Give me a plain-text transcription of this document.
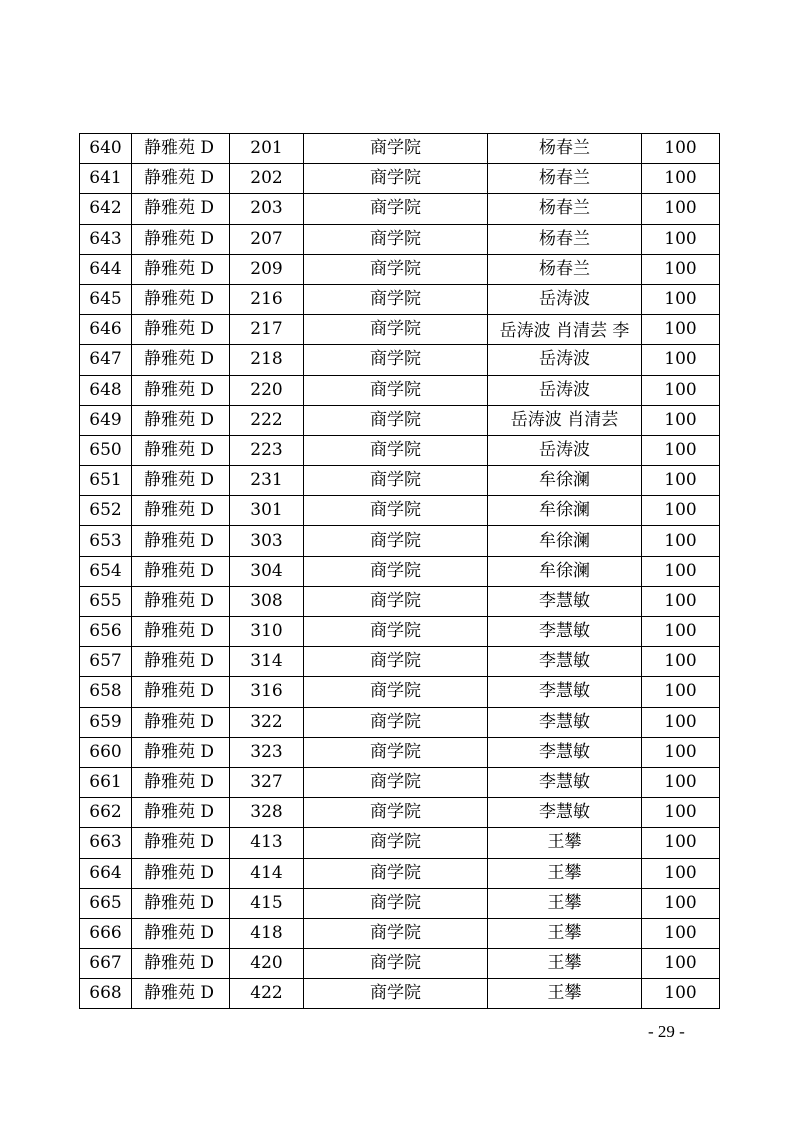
640	静雅苑 D	201	商学院	杨春兰	100
641	静雅苑 D	202	商学院	杨春兰	100
642	静雅苑 D	203	商学院	杨春兰	100
643	静雅苑 D	207	商学院	杨春兰	100
644	静雅苑 D	209	商学院	杨春兰	100
645	静雅苑 D	216	商学院	岳涛波	100
646	静雅苑 D	217	商学院	岳涛波 肖清芸 李	100
647	静雅苑 D	218	商学院	岳涛波	100
648	静雅苑 D	220	商学院	岳涛波	100
649	静雅苑 D	222	商学院	岳涛波 肖清芸	100
650	静雅苑 D	223	商学院	岳涛波	100
651	静雅苑 D	231	商学院	牟徐澜	100
652	静雅苑 D	301	商学院	牟徐澜	100
653	静雅苑 D	303	商学院	牟徐澜	100
654	静雅苑 D	304	商学院	牟徐澜	100
655	静雅苑 D	308	商学院	李慧敏	100
656	静雅苑 D	310	商学院	李慧敏	100
657	静雅苑 D	314	商学院	李慧敏	100
658	静雅苑 D	316	商学院	李慧敏	100
659	静雅苑 D	322	商学院	李慧敏	100
660	静雅苑 D	323	商学院	李慧敏	100
661	静雅苑 D	327	商学院	李慧敏	100
662	静雅苑 D	328	商学院	李慧敏	100
663	静雅苑 D	413	商学院	王攀	100
664	静雅苑 D	414	商学院	王攀	100
665	静雅苑 D	415	商学院	王攀	100
666	静雅苑 D	418	商学院	王攀	100
667	静雅苑 D	420	商学院	王攀	100
668	静雅苑 D	422	商学院	王攀	100
- 29 -
